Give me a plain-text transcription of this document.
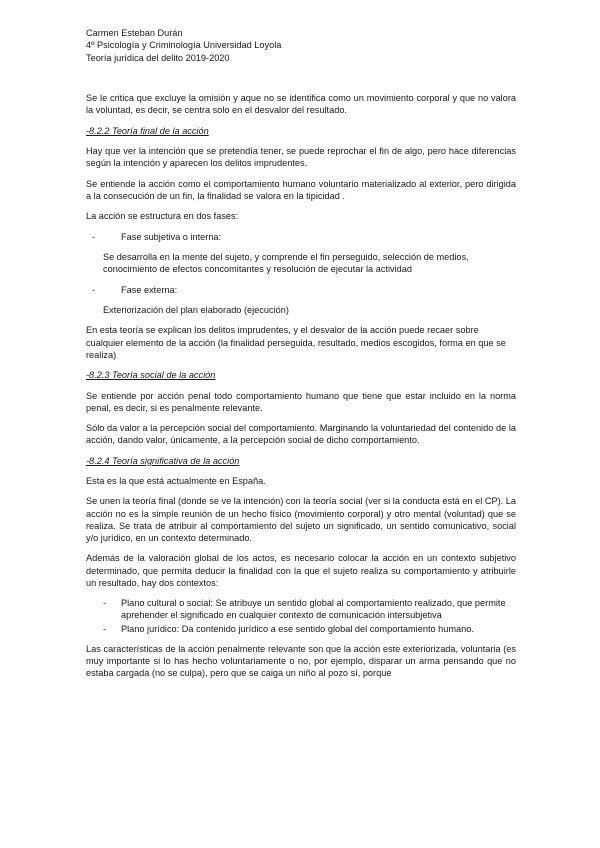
Carmen Esteban Durán
4º Psicología y Criminología Universidad Loyola
Teoría jurídica del delito 2019-2020

Se le critica que excluye la omisión y aque no se identifica como un movimiento corporal y que no valora la voluntad, es decir, se centra solo en el desvalor del resultado.

-8.2.2 Teoría final de la acción

Hay que ver la intención que se pretendía tener, se puede reprochar el fin de algo, pero hace diferencias según la intención y aparecen los delitos imprudentes.

Se entiende la acción como el comportamiento humano voluntario materializado al exterior, pero dirigida a la consecución de un fin, la finalidad se valora en la tipicidad .

La acción se estructura en dos fases:

-	Fase subjetiva o interna:

Se desarrolla en la mente del sujeto, y comprende el fin perseguido, selección de medios, conocimiento de efectos concomitantes y resolución de ejecutar la actividad

-	Fase externa:

Exteriorización del plan elaborado (ejecución)

En esta teoría se explican los delitos imprudentes, y el desvalor de la acción puede recaer sobre cualquier elemento de la acción (la finalidad perseguida, resultado, medios escogidos, forma en que se realiza)

-8.2.3 Teoría social de la acción

Se entiende por acción penal todo comportamiento humano que tiene que estar incluido en la norma penal, es decir, si es penalmente relevante.

Sólo da valor a la percepción social del comportamiento. Marginando la voluntariedad del contenido de la acción, dando valor, únicamente, a la percepción social de dicho comportamiento.

-8.2.4 Teoría significativa de la acción

Esta es la que está actualmente en España.

Se unen la teoría final (donde se ve la intención) con la teoría social (ver si la conducta está en el CP). La acción no es la simple reunión de un hecho físico (movimiento corporal) y otro mental (voluntad) que se realiza. Se trata de atribuir al comportamiento del sujeto un significado, un sentido comunicativo, social y/o jurídico, en un contexto determinado.

Además de la valoración global de los actos, es necesario colocar la acción en un contexto subjetivo determinado, que permita deducir la finalidad con la que el sujeto realiza su comportamiento y atribuirle un resultado, hay dos contextos:

- Plano cultural o social: Se atribuye un sentido global al comportamiento realizado, que permite aprehender el significado en cualquier contexto de comunicación intersubjetiva
- Plano jurídico: Da contenido jurídico a ese sentido global del comportamiento humano.

Las características de la acción penalmente relevante son que la acción este exteriorizada, voluntaria (es muy importante si lo has hecho voluntariamente o no, por ejemplo, disparar un arma pensando que no estaba cargada (no se culpa), pero que se caiga un niño al pozo sí, porque
